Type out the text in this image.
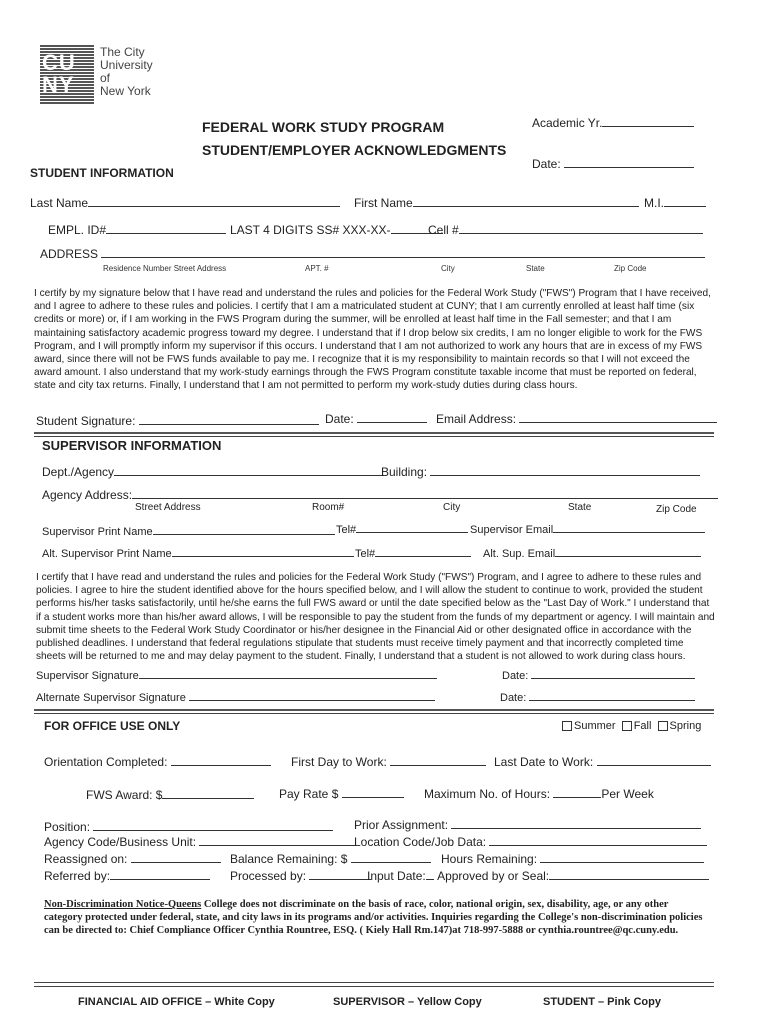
CUNY
The City
University
of
New York
FEDERAL WORK STUDY PROGRAM
STUDENT/EMPLOYER ACKNOWLEDGMENTS
Academic Yr.
Date:
STUDENT INFORMATION
Last Name	First Name	M.I.
EMPL. ID#	LAST 4 DIGITS SS# XXX-XX-	Cell #
ADDRESS
Residence Number Street Address	APT. #	City	State	Zip Code
I certify by my signature below that I have read and understand the rules and policies for the Federal Work Study ("FWS") Program that I have received, and I agree to adhere to these rules and policies. I certify that I am a matriculated student at CUNY; that I am currently enrolled at least half time (six credits or more) or, if I am working in the FWS Program during the summer, will be enrolled at least half time in the Fall semester; and that I am maintaining satisfactory academic progress toward my degree. I understand that if I drop below six credits, I am no longer eligible to work for the FWS Program, and I will promptly inform my supervisor if this occurs. I understand that I am not authorized to work any hours that are in excess of my FWS award, since there will not be FWS funds available to pay me. I recognize that it is my responsibility to maintain records so that I will not exceed the award amount. I also understand that my work-study earnings through the FWS Program constitute taxable income that must be reported on federal, state and city tax returns. Finally, I understand that I am not permitted to perform my work-study duties during class hours.
Student Signature:	Date:	Email Address:
SUPERVISOR INFORMATION
Dept./Agency	Building:
Agency Address:
Street Address	Room#	City	State	Zip Code
Supervisor Print Name	Tel#	Supervisor Email
Alt. Supervisor Print Name	Tel#	Alt. Sup. Email
I certify that I have read and understand the rules and policies for the Federal Work Study ("FWS") Program, and I agree to adhere to these rules and policies. I agree to hire the student identified above for the hours specified below, and I will allow the student to continue to work, provided the student performs his/her tasks satisfactorily, until he/she earns the full FWS award or until the date specified below as the "Last Day of Work." I understand that if a student works more than his/her award allows, I will be responsible to pay the student from the funds of my department or agency. I will maintain and submit time sheets to the Federal Work Study Coordinator or his/her designee in the Financial Aid or other designated office in accordance with the published deadlines. I understand that federal regulations stipulate that students must receive timely payment and that incorrectly completed time sheets will be returned to me and may delay payment to the student. Finally, I understand that a student is not allowed to work during class hours.
Supervisor Signature	Date:
Alternate Supervisor Signature	Date:
FOR OFFICE USE ONLY	Summer Fall Spring
Orientation Completed:	First Day to Work:	Last Date to Work:
FWS Award: $	Pay Rate $	Maximum No. of Hours:	Per Week
Position:	Prior Assignment:
Agency Code/Business Unit:	Location Code/Job Data:
Reassigned on:	Balance Remaining: $	Hours Remaining:
Referred by:	Processed by:	Input Date: Approved by or Seal:
Non-Discrimination Notice-Queens College does not discriminate on the basis of race, color, national origin, sex, disability, age, or any other category protected under federal, state, and city laws in its programs and/or activities. Inquiries regarding the College's non-discrimination policies can be directed to: Chief Compliance Officer Cynthia Rountree, ESQ. ( Kiely Hall Rm.147)at 718-997-5888 or cynthia.rountree@qc.cuny.edu.
FINANCIAL AID OFFICE – White Copy	SUPERVISOR – Yellow Copy	STUDENT – Pink Copy
